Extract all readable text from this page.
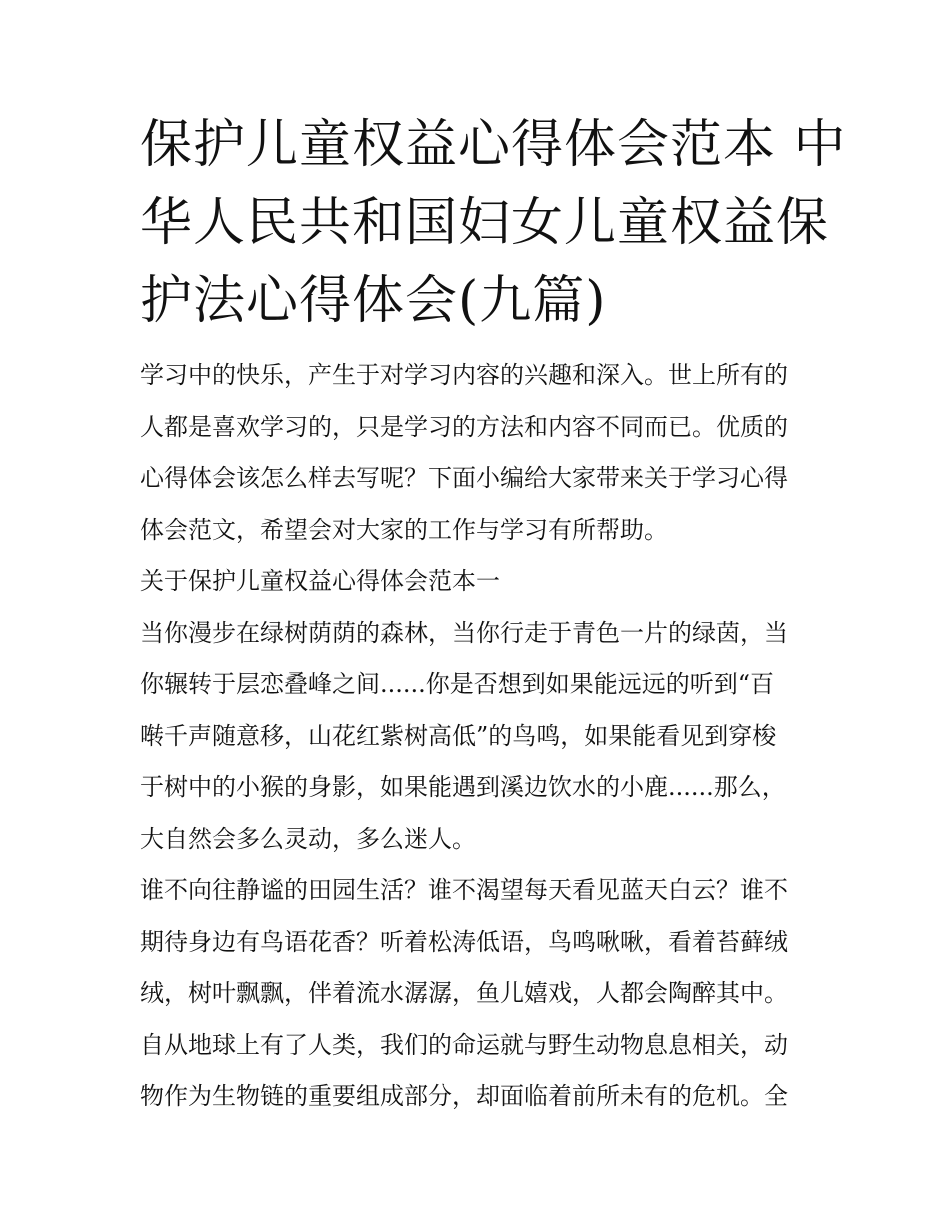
保护儿童权益心得体会范本 中
华人民共和国妇女儿童权益保
护法心得体会(九篇)
学习中的快乐，产生于对学习内容的兴趣和深入。世上所有的
人都是喜欢学习的，只是学习的方法和内容不同而已。优质的
心得体会该怎么样去写呢？下面小编给大家带来关于学习心得
体会范文，希望会对大家的工作与学习有所帮助。
关于保护儿童权益心得体会范本一
当你漫步在绿树荫荫的森林，当你行走于青色一片的绿茵，当
你辗转于层恋叠峰之间......你是否想到如果能远远的听到“百
啭千声随意移，山花红紫树高低”的鸟鸣，如果能看见到穿梭
于树中的小猴的身影，如果能遇到溪边饮水的小鹿......那么，
大自然会多么灵动，多么迷人。
谁不向往静谧的田园生活？谁不渴望每天看见蓝天白云？谁不
期待身边有鸟语花香？听着松涛低语，鸟鸣啾啾，看着苔藓绒
绒，树叶飘飘，伴着流水潺潺，鱼儿嬉戏，人都会陶醉其中。
自从地球上有了人类，我们的命运就与野生动物息息相关，动
物作为生物链的重要组成部分，却面临着前所未有的危机。全
